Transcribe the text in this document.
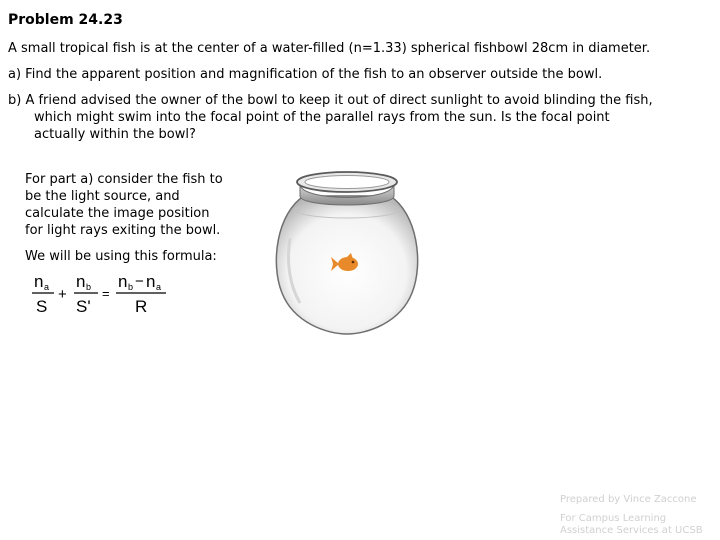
Problem 24.23

A small tropical fish is at the center of a water-filled (n=1.33) spherical fishbowl 28cm in diameter.

a) Find the apparent position and magnification of the fish to an observer outside the bowl.

b) A friend advised the owner of the bowl to keep it out of direct sunlight to avoid blinding the fish,
which might swim into the focal point of the parallel rays from the sun. Is the focal point
actually within the bowl?
For part a) consider the fish to
be the light source, and
calculate the image position
for light rays exiting the bowl.
We will be using this formula:
n a
S
+
n b
S'
=
n b − n a
R
Prepared by Vince Zaccone
For Campus Learning
Assistance Services at UCSB
